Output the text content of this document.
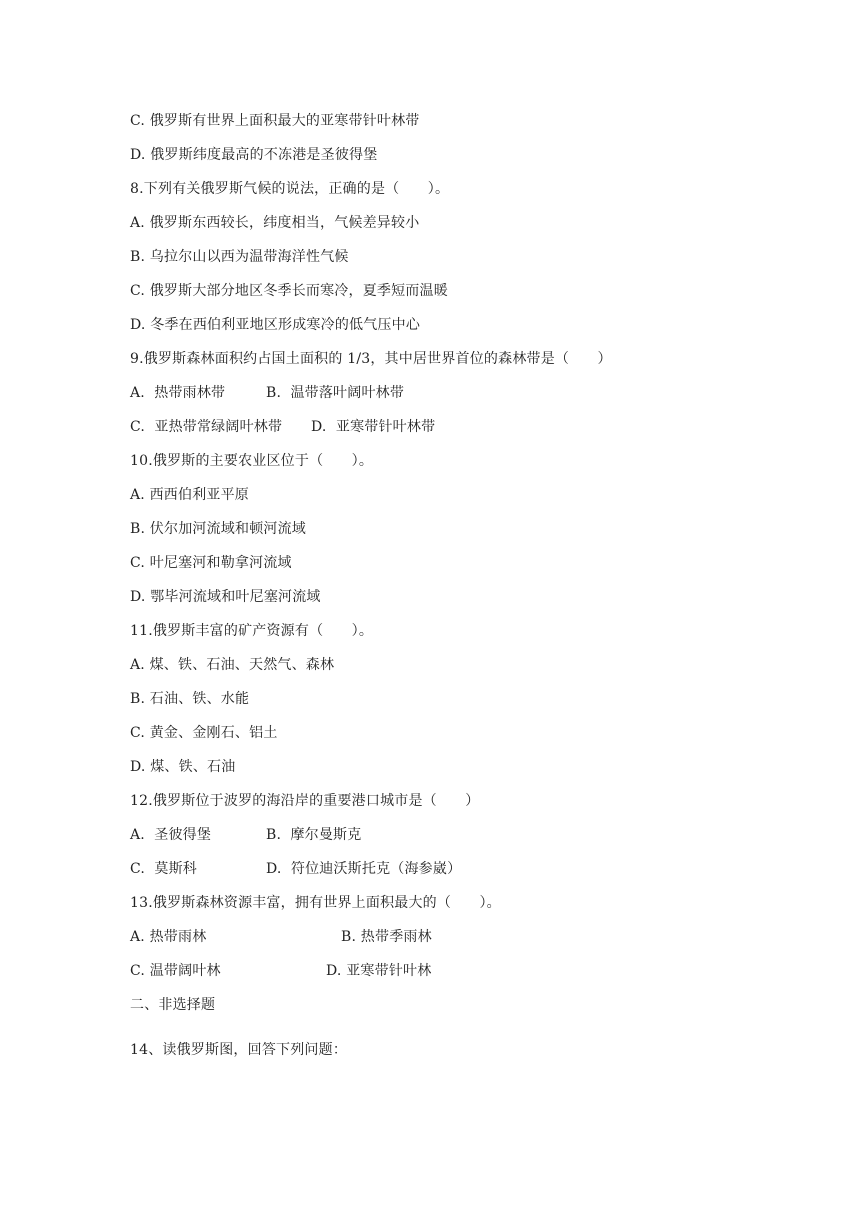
C. 俄罗斯有世界上面积最大的亚寒带针叶林带
D. 俄罗斯纬度最高的不冻港是圣彼得堡
8.下列有关俄罗斯气候的说法，正确的是（　　）。
A. 俄罗斯东西较长，纬度相当，气候差异较小
B. 乌拉尔山以西为温带海洋性气候
C. 俄罗斯大部分地区冬季长而寒冷，夏季短而温暖
D. 冬季在西伯利亚地区形成寒冷的低气压中心
9.俄罗斯森林面积约占国土面积的 1/3，其中居世界首位的森林带是（　　）
A.  热带雨林带	B.  温带落叶阔叶林带
C.  亚热带常绿阔叶林带 D.  亚寒带针叶林带
10.俄罗斯的主要农业区位于（　　）。
A. 西西伯利亚平原
B. 伏尔加河流域和顿河流域
C. 叶尼塞河和勒拿河流域
D. 鄂毕河流域和叶尼塞河流域
11.俄罗斯丰富的矿产资源有（　　）。
A. 煤、铁、石油、天然气、森林
B. 石油、铁、水能
C. 黄金、金刚石、铝土
D. 煤、铁、石油
12.俄罗斯位于波罗的海沿岸的重要港口城市是（　　）
A.  圣彼得堡	B.  摩尔曼斯克
C.  莫斯科	D.  符位迪沃斯托克（海参崴）
13.俄罗斯森林资源丰富，拥有世界上面积最大的（　　）。
A. 热带雨林	B. 热带季雨林
C. 温带阔叶林	D. 亚寒带针叶林
二、非选择题
14、读俄罗斯图，回答下列问题：
